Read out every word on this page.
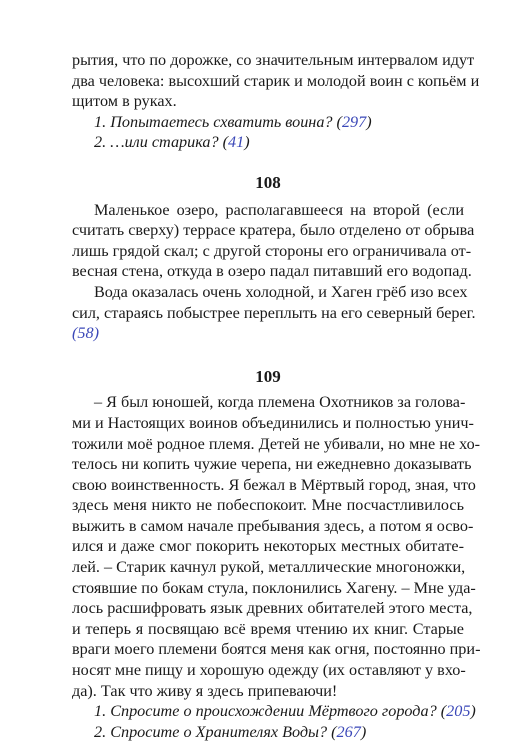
рытия, что по дорожке, со значительным интервалом идут
два человека: высохший старик и молодой воин с копьём и
щитом в руках.
1. Попытаетесь схватить воина? (297)
2. …или старика? (41)
108
Маленькое озеро, располагавшееся на второй (если
считать сверху) террасе кратера, было отделено от обрыва
лишь грядой скал; с другой стороны его ограничивала от-
весная стена, откуда в озеро падал питавший его водопад.
Вода оказалась очень холодной, и Хаген грёб изо всех
сил, стараясь побыстрее переплыть на его северный берег.
(58)
109
– Я был юношей, когда племена Охотников за голова-
ми и Настоящих воинов объединились и полностью унич-
тожили моё родное племя. Детей не убивали, но мне не хо-
телось ни копить чужие черепа, ни ежедневно доказывать
свою воинственность. Я бежал в Мёртвый город, зная, что
здесь меня никто не побеспокоит. Мне посчастливилось
выжить в самом начале пребывания здесь, а потом я осво-
ился и даже смог покорить некоторых местных обитате-
лей. – Старик качнул рукой, металлические многоножки,
стоявшие по бокам стула, поклонились Хагену. – Мне уда-
лось расшифровать язык древних обитателей этого места,
и теперь я посвящаю всё время чтению их книг. Старые
враги моего племени боятся меня как огня, постоянно при-
носят мне пищу и хорошую одежду (их оставляют у вхо-
да). Так что живу я здесь припеваючи!
1. Спросите о происхождении Мёртвого города? (205)
2. Спросите о Хранителях Воды? (267)
